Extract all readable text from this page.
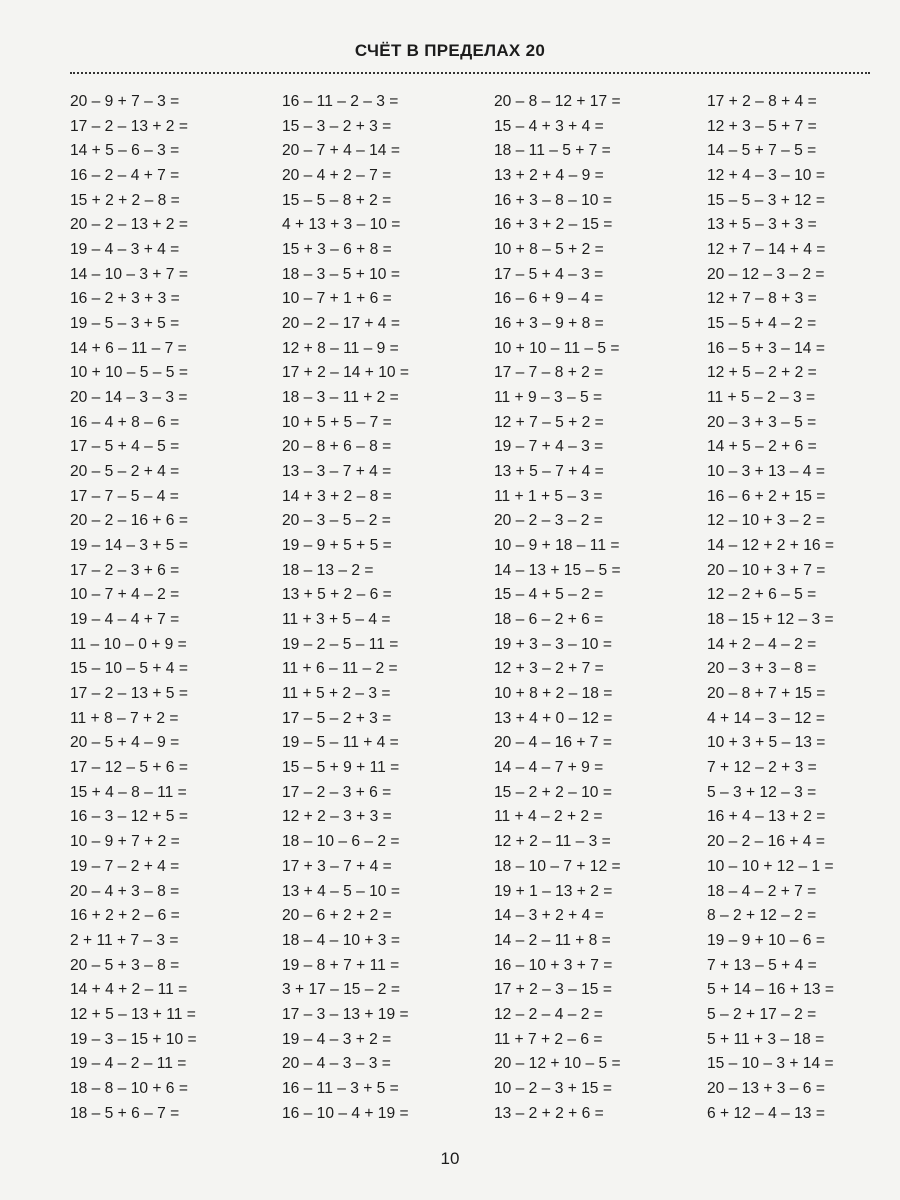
СЧЁТ В ПРЕДЕЛАХ 20
20 – 9 + 7 – 3 =
17 – 2 – 13 + 2 =
14 + 5 – 6 – 3 =
16 – 2 – 4 + 7 =
15 + 2 + 2 – 8 =
20 – 2 – 13 + 2 =
19 – 4 – 3 + 4 =
14 – 10 – 3 + 7 =
16 – 2 + 3 + 3 =
19 – 5 – 3 + 5 =
14 + 6 – 11 – 7 =
10 + 10 – 5 – 5 =
20 – 14 – 3 – 3 =
16 – 4 + 8 – 6 =
17 – 5 + 4 – 5 =
20 – 5 – 2 + 4 =
17 – 7 – 5 – 4 =
20 – 2 – 16 + 6 =
19 – 14 – 3 + 5 =
17 – 2 – 3 + 6 =
10 – 7 + 4 – 2 =
19 – 4 – 4 + 7 =
11 – 10 – 0 + 9 =
15 – 10 – 5 + 4 =
17 – 2 – 13 + 5 =
11 + 8 – 7 + 2 =
20 – 5 + 4 – 9 =
17 – 12 – 5 + 6 =
15 + 4 – 8 – 11 =
16 – 3 – 12 + 5 =
10 – 9 + 7 + 2 =
19 – 7 – 2 + 4 =
20 – 4 + 3 – 8 =
16 + 2 + 2 – 6 =
2 + 11 + 7 – 3 =
20 – 5 + 3 – 8 =
14 + 4 + 2 – 11 =
12 + 5 – 13 + 11 =
19 – 3 – 15 + 10 =
19 – 4 – 2 – 11 =
18 – 8 – 10 + 6 =
18 – 5 + 6 – 7 =
16 – 11 – 2 – 3 =
15 – 3 – 2 + 3 =
20 – 7 + 4 – 14 =
20 – 4 + 2 – 7 =
15 – 5 – 8 + 2 =
4 + 13 + 3 – 10 =
15 + 3 – 6 + 8 =
18 – 3 – 5 + 10 =
10 – 7 + 1 + 6 =
20 – 2 – 17 + 4 =
12 + 8 – 11 – 9 =
17 + 2 – 14 + 10 =
18 – 3 – 11 + 2 =
10 + 5 + 5 – 7 =
20 – 8 + 6 – 8 =
13 – 3 – 7 + 4 =
14 + 3 + 2 – 8 =
20 – 3 – 5 – 2 =
19 – 9 + 5 + 5 =
18 – 13 – 2 =
13 + 5 + 2 – 6 =
11 + 3 + 5 – 4 =
19 – 2 – 5 – 11 =
11 + 6 – 11 – 2 =
11 + 5 + 2 – 3 =
17 – 5 – 2 + 3 =
19 – 5 – 11 + 4 =
15 – 5 + 9 + 11 =
17 – 2 – 3 + 6 =
12 + 2 – 3 + 3 =
18 – 10 – 6 – 2 =
17 + 3 – 7 + 4 =
13 + 4 – 5 – 10 =
20 – 6 + 2 + 2 =
18 – 4 – 10 + 3 =
19 – 8 + 7 + 11 =
3 + 17 – 15 – 2 =
17 – 3 – 13 + 19 =
19 – 4 – 3 + 2 =
20 – 4 – 3 – 3 =
16 – 11 – 3 + 5 =
16 – 10 – 4 + 19 =
20 – 8 – 12 + 17 =
15 – 4 + 3 + 4 =
18 – 11 – 5 + 7 =
13 + 2 + 4 – 9 =
16 + 3 – 8 – 10 =
16 + 3 + 2 – 15 =
10 + 8 – 5 + 2 =
17 – 5 + 4 – 3 =
16 – 6 + 9 – 4 =
16 + 3 – 9 + 8 =
10 + 10 – 11 – 5 =
17 – 7 – 8 + 2 =
11 + 9 – 3 – 5 =
12 + 7 – 5 + 2 =
19 – 7 + 4 – 3 =
13 + 5 – 7 + 4 =
11 + 1 + 5 – 3 =
20 – 2 – 3 – 2 =
10 – 9 + 18 – 11 =
14 – 13 + 15 – 5 =
15 – 4 + 5 – 2 =
18 – 6 – 2 + 6 =
19 + 3 – 3 – 10 =
12 + 3 – 2 + 7 =
10 + 8 + 2 – 18 =
13 + 4 + 0 – 12 =
20 – 4 – 16 + 7 =
14 – 4 – 7 + 9 =
15 – 2 + 2 – 10 =
11 + 4 – 2 + 2 =
12 + 2 – 11 – 3 =
18 – 10 – 7 + 12 =
19 + 1 – 13 + 2 =
14 – 3 + 2 + 4 =
14 – 2 – 11 + 8 =
16 – 10 + 3 + 7 =
17 + 2 – 3 – 15 =
12 – 2 – 4 – 2 =
11 + 7 + 2 – 6 =
20 – 12 + 10 – 5 =
10 – 2 – 3 + 15 =
13 – 2 + 2 + 6 =
17 + 2 – 8 + 4 =
12 + 3 – 5 + 7 =
14 – 5 + 7 – 5 =
12 + 4 – 3 – 10 =
15 – 5 – 3 + 12 =
13 + 5 – 3 + 3 =
12 + 7 – 14 + 4 =
20 – 12 – 3 – 2 =
12 + 7 – 8 + 3 =
15 – 5 + 4 – 2 =
16 – 5 + 3 – 14 =
12 + 5 – 2 + 2 =
11 + 5 – 2 – 3 =
20 – 3 + 3 – 5 =
14 + 5 – 2 + 6 =
10 – 3 + 13 – 4 =
16 – 6 + 2 + 15 =
12 – 10 + 3 – 2 =
14 – 12 + 2 + 16 =
20 – 10 + 3 + 7 =
12 – 2 + 6 – 5 =
18 – 15 + 12 – 3 =
14 + 2 – 4 – 2 =
20 – 3 + 3 – 8 =
20 – 8 + 7 + 15 =
4 + 14 – 3 – 12 =
10 + 3 + 5 – 13 =
7 + 12 – 2 + 3 =
5 – 3 + 12 – 3 =
16 + 4 – 13 + 2 =
20 – 2 – 16 + 4 =
10 – 10 + 12 – 1 =
18 – 4 – 2 + 7 =
8 – 2 + 12 – 2 =
19 – 9 + 10 – 6 =
7 + 13 – 5 + 4 =
5 + 14 – 16 + 13 =
5 – 2 + 17 – 2 =
5 + 11 + 3 – 18 =
15 – 10 – 3 + 14 =
20 – 13 + 3 – 6 =
6 + 12 – 4 – 13 =
10
